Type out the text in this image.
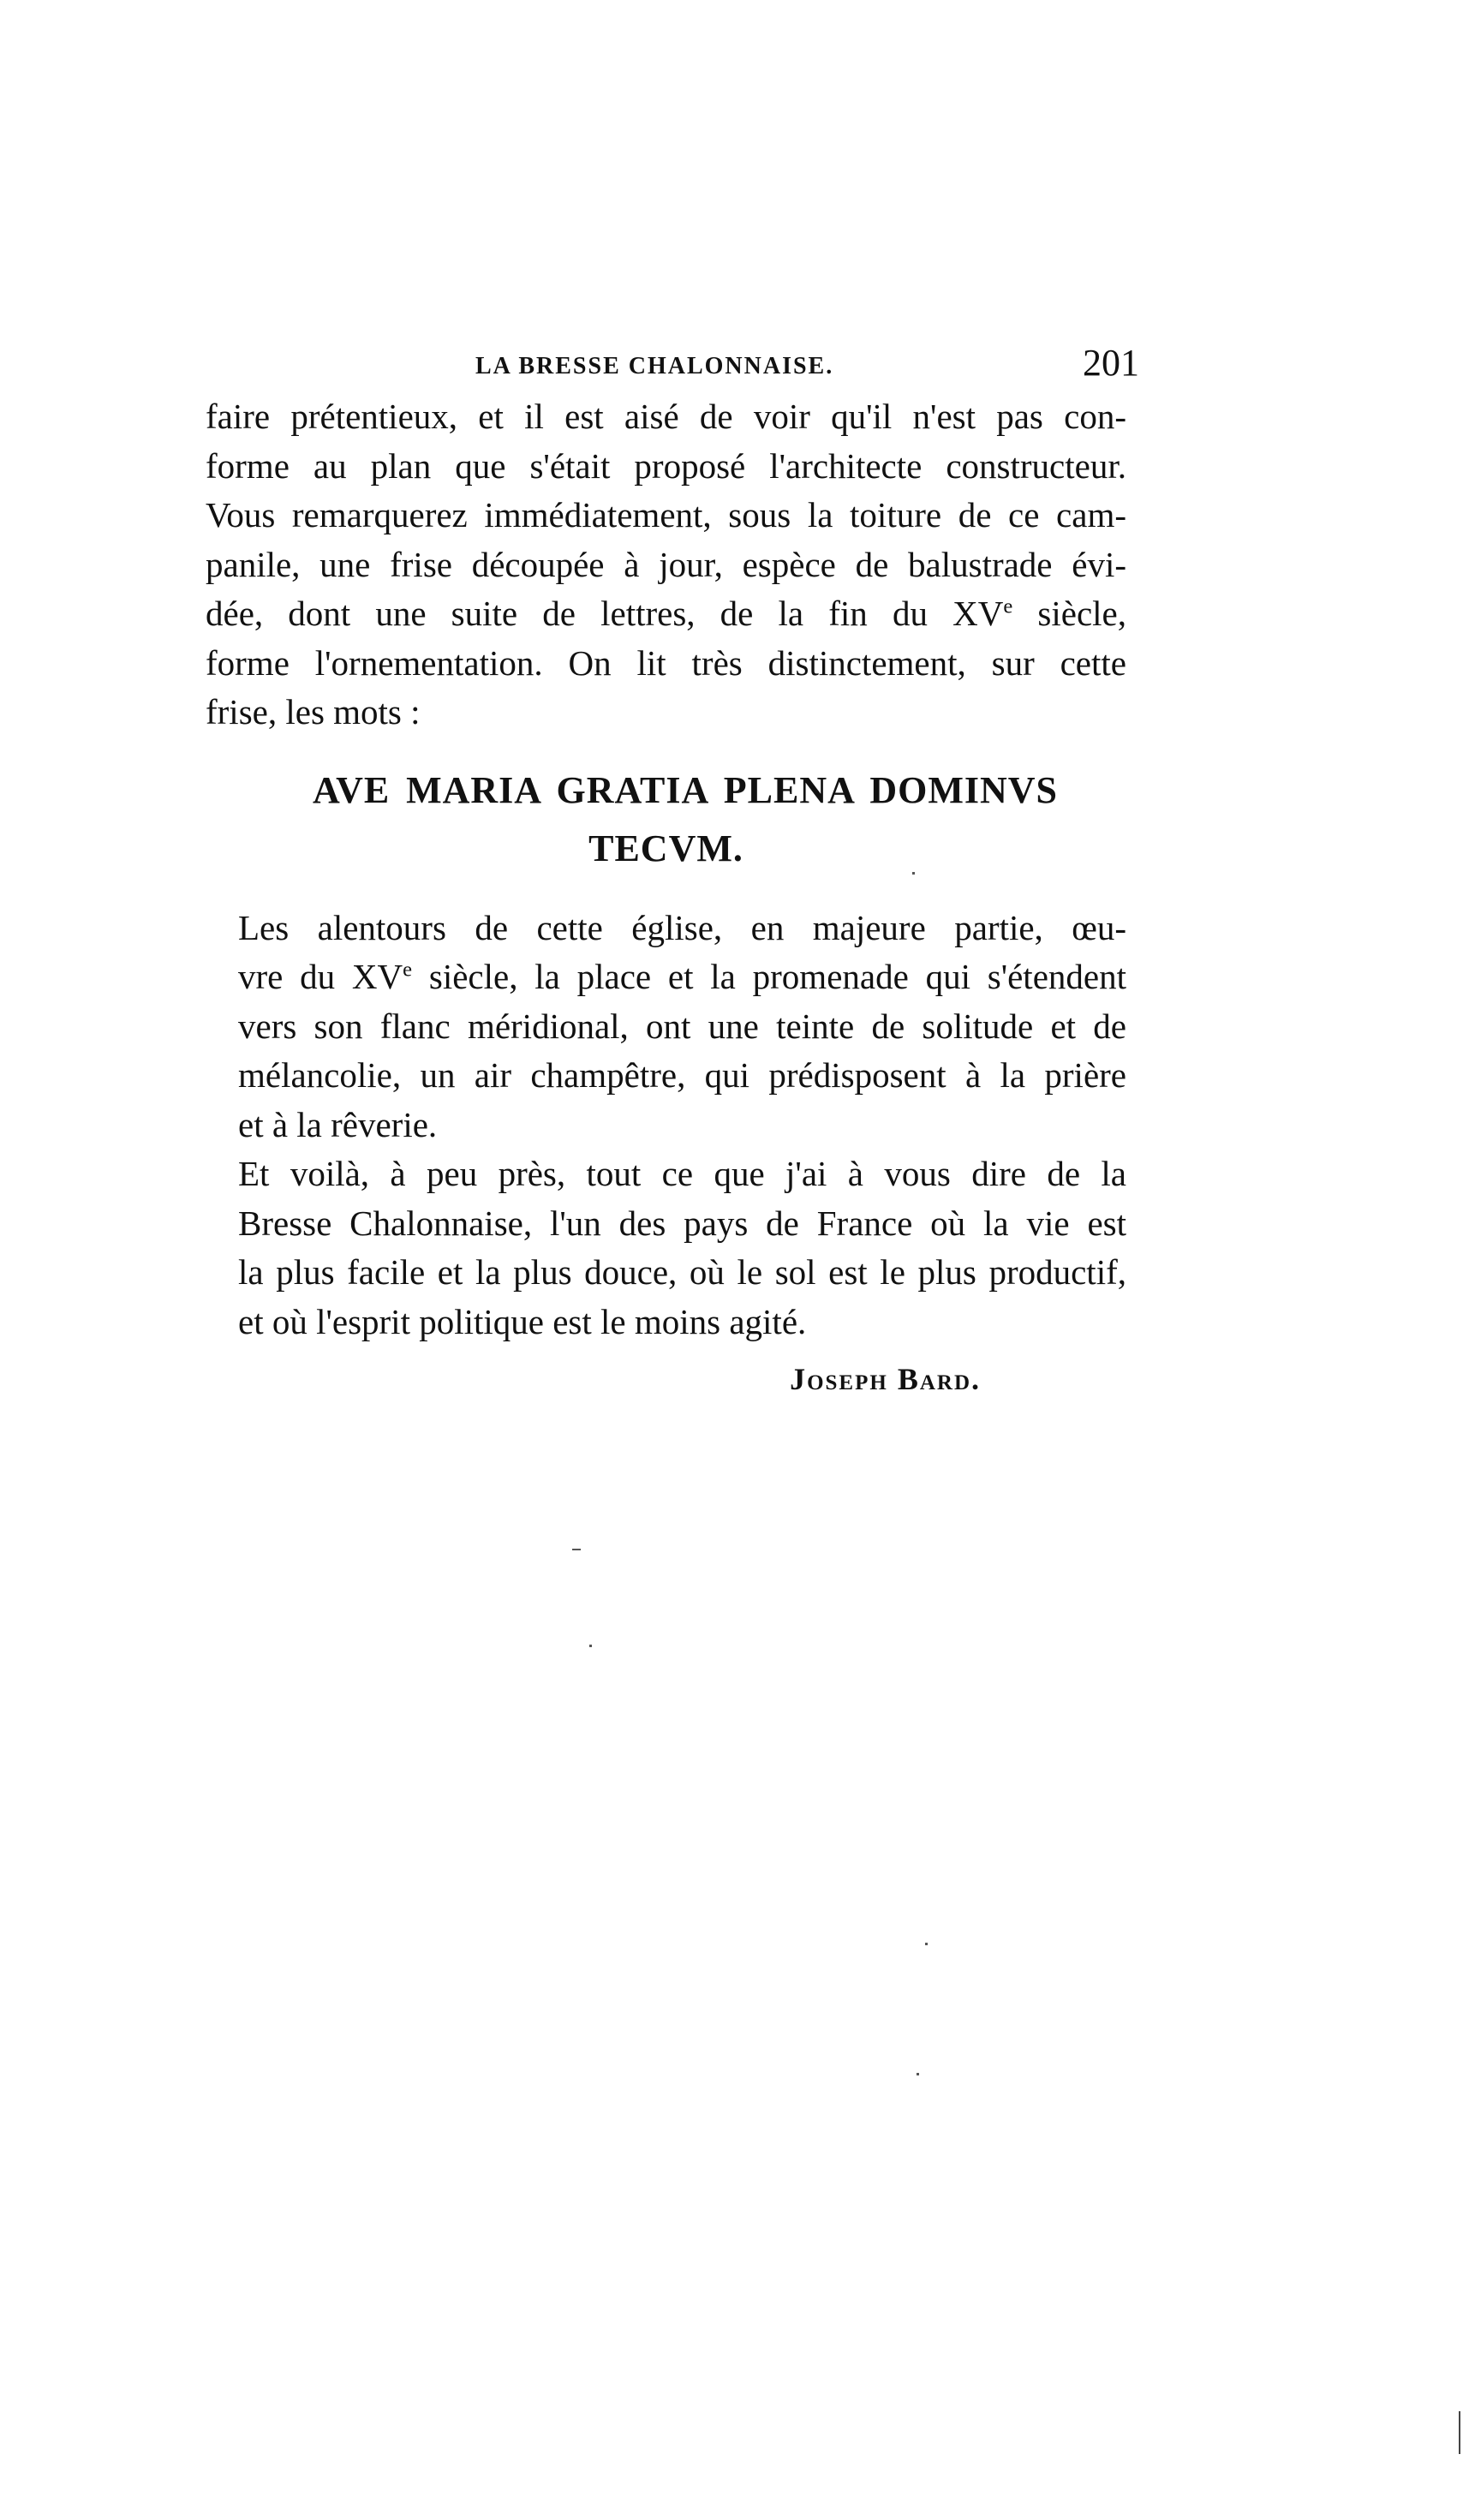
LA BRESSE CHALONNAISE.	201

faire prétentieux, et il est aisé de voir qu'il n'est pas con-
forme au plan que s'était proposé l'architecte constructeur.
Vous remarquerez immédiatement, sous la toiture de ce cam-
panile, une frise découpée à jour, espèce de balustrade évi-
dée, dont une suite de lettres, de la fin du XVe siècle,
forme l'ornementation. On lit très distinctement, sur cette
frise, les mots :

AVE MARIA GRATIA PLENA DOMINVS
TECVM.

Les alentours de cette église, en majeure partie, œu-
vre du XVe siècle, la place et la promenade qui s'étendent
vers son flanc méridional, ont une teinte de solitude et de
mélancolie, un air champêtre, qui prédisposent à la prière
et à la rêverie.

Et voilà, à peu près, tout ce que j'ai à vous dire de la
Bresse Chalonnaise, l'un des pays de France où la vie est
la plus facile et la plus douce, où le sol est le plus productif,
et où l'esprit politique est le moins agité.

Joseph Bard.
